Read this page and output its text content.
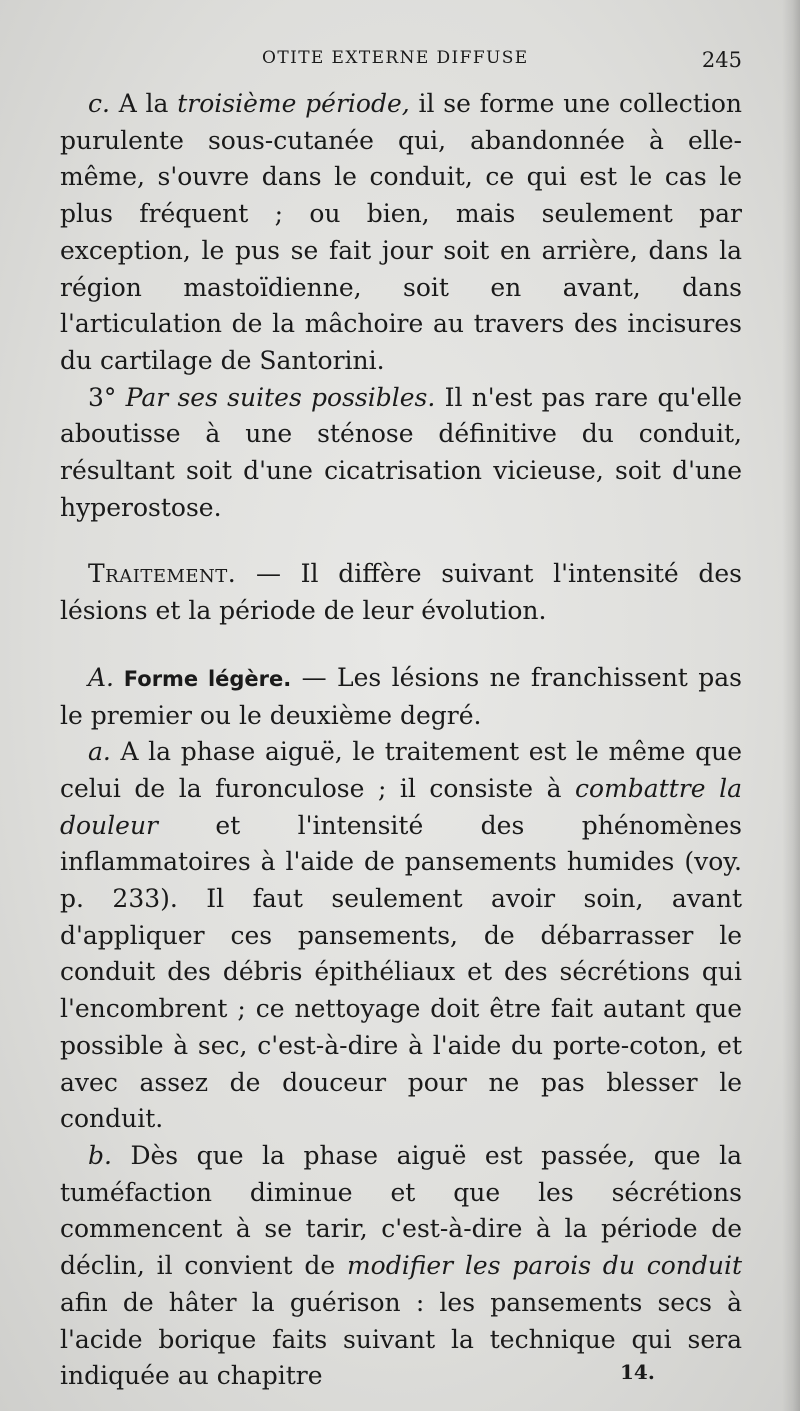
OTITE EXTERNE DIFFUSE	245

c. A la troisième période, il se forme une collection purulente sous-cutanée qui, abandonnée à elle-même, s'ouvre dans le conduit, ce qui est le cas le plus fréquent ; ou bien, mais seulement par exception, le pus se fait jour soit en arrière, dans la région mastoïdienne, soit en avant, dans l'articulation de la mâchoire au travers des incisures du cartilage de Santorini.

3° Par ses suites possibles. Il n'est pas rare qu'elle aboutisse à une sténose définitive du conduit, résultant soit d'une cicatrisation vicieuse, soit d'une hyperostose.

Traitement. — Il diffère suivant l'intensité des lésions et la période de leur évolution.

A. Forme légère. — Les lésions ne franchissent pas le premier ou le deuxième degré.

a. A la phase aiguë, le traitement est le même que celui de la furonculose ; il consiste à combattre la douleur et l'intensité des phénomènes inflammatoires à l'aide de pansements humides (voy. p. 233). Il faut seulement avoir soin, avant d'appliquer ces pansements, de débarrasser le conduit des débris épithéliaux et des sécrétions qui l'encombrent ; ce nettoyage doit être fait autant que possible à sec, c'est-à-dire à l'aide du porte-coton, et avec assez de douceur pour ne pas blesser le conduit.

b. Dès que la phase aiguë est passée, que la tuméfaction diminue et que les sécrétions commencent à se tarir, c'est-à-dire à la période de déclin, il convient de modifier les parois du conduit afin de hâter la guérison : les pansements secs à l'acide borique faits suivant la technique qui sera indiquée au chapitre	14.
